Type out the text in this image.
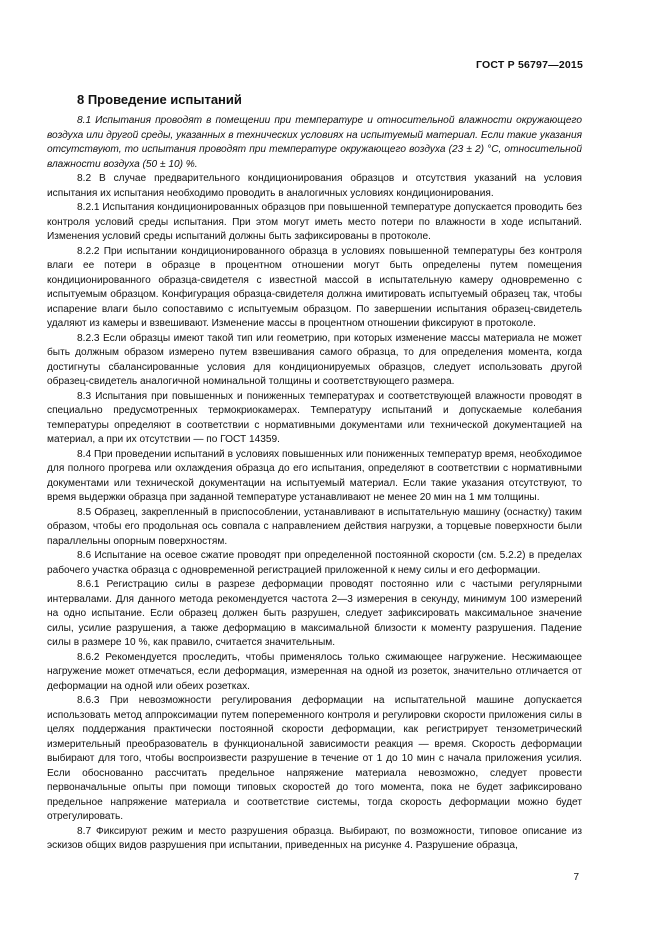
ГОСТ Р 56797—2015
8 Проведение испытаний

8.1 Испытания проводят в помещении при температуре и относительной влажности окружающего воздуха или другой среды, указанных в технических условиях на испытуемый материал. Если такие указания отсутствуют, то испытания проводят при температуре окружающего воздуха (23 ± 2) °С, относительной влажности воздуха (50 ± 10) %.

8.2 В случае предварительного кондиционирования образцов и отсутствия указаний на условия испытания их испытания необходимо проводить в аналогичных условиях кондиционирования.

8.2.1 Испытания кондиционированных образцов при повышенной температуре допускается проводить без контроля условий среды испытания. При этом могут иметь место потери по влажности в ходе испытаний. Изменения условий среды испытаний должны быть зафиксированы в протоколе.

8.2.2 При испытании кондиционированного образца в условиях повышенной температуры без контроля влаги ее потери в образце в процентном отношении могут быть определены путем помещения кондиционированного образца-свидетеля с известной массой в испытательную камеру одновременно с испытуемым образцом. Конфигурация образца-свидетеля должна имитировать испытуемый образец так, чтобы испарение влаги было сопоставимо с испытуемым образцом. По завершении испытания образец-свидетель удаляют из камеры и взвешивают. Изменение массы в процентном отношении фиксируют в протоколе.

8.2.3 Если образцы имеют такой тип или геометрию, при которых изменение массы материала не может быть должным образом измерено путем взвешивания самого образца, то для определения момента, когда достигнуты сбалансированные условия для кондиционируемых образцов, следует использовать другой образец-свидетель аналогичной номинальной толщины и соответствующего размера.

8.3 Испытания при повышенных и пониженных температурах и соответствующей влажности проводят в специально предусмотренных термокриокамерах. Температуру испытаний и допускаемые колебания температуры определяют в соответствии с нормативными документами или технической документацией на материал, а при их отсутствии — по ГОСТ 14359.

8.4 При проведении испытаний в условиях повышенных или пониженных температур время, необходимое для полного прогрева или охлаждения образца до его испытания, определяют в соответствии с нормативными документами или технической документации на испытуемый материал. Если такие указания отсутствуют, то время выдержки образца при заданной температуре устанавливают не менее 20 мин на 1 мм толщины.

8.5 Образец, закрепленный в приспособлении, устанавливают в испытательную машину (оснастку) таким образом, чтобы его продольная ось совпала с направлением действия нагрузки, а торцевые поверхности были параллельны опорным поверхностям.

8.6 Испытание на осевое сжатие проводят при определенной постоянной скорости (см. 5.2.2) в пределах рабочего участка образца с одновременной регистрацией приложенной к нему силы и его деформации.

8.6.1 Регистрацию силы в разрезе деформации проводят постоянно или с частыми регулярными интервалами. Для данного метода рекомендуется частота 2—3 измерения в секунду, минимум 100 измерений на одно испытание. Если образец должен быть разрушен, следует зафиксировать максимальное значение силы, усилие разрушения, а также деформацию в максимальной близости к моменту разрушения. Падение силы в размере 10 %, как правило, считается значительным.

8.6.2 Рекомендуется проследить, чтобы применялось только сжимающее нагружение. Несжимающее нагружение может отмечаться, если деформация, измеренная на одной из розеток, значительно отличается от деформации на одной или обеих розетках.

8.6.3 При невозможности регулирования деформации на испытательной машине допускается использовать метод аппроксимации путем попеременного контроля и регулировки скорости приложения силы в целях поддержания практически постоянной скорости деформации, как регистрирует тензометрический измерительный преобразователь в функциональной зависимости реакция — время. Скорость деформации выбирают для того, чтобы воспроизвести разрушение в течение от 1 до 10 мин с начала приложения усилия. Если обоснованно рассчитать предельное напряжение материала невозможно, следует провести первоначальные опыты при помощи типовых скоростей до того момента, пока не будет зафиксировано предельное напряжение материала и соответствие системы, тогда скорость деформации можно будет отрегулировать.

8.7 Фиксируют режим и место разрушения образца. Выбирают, по возможности, типовое описание из эскизов общих видов разрушения при испытании, приведенных на рисунке 4. Разрушение образца,

7
